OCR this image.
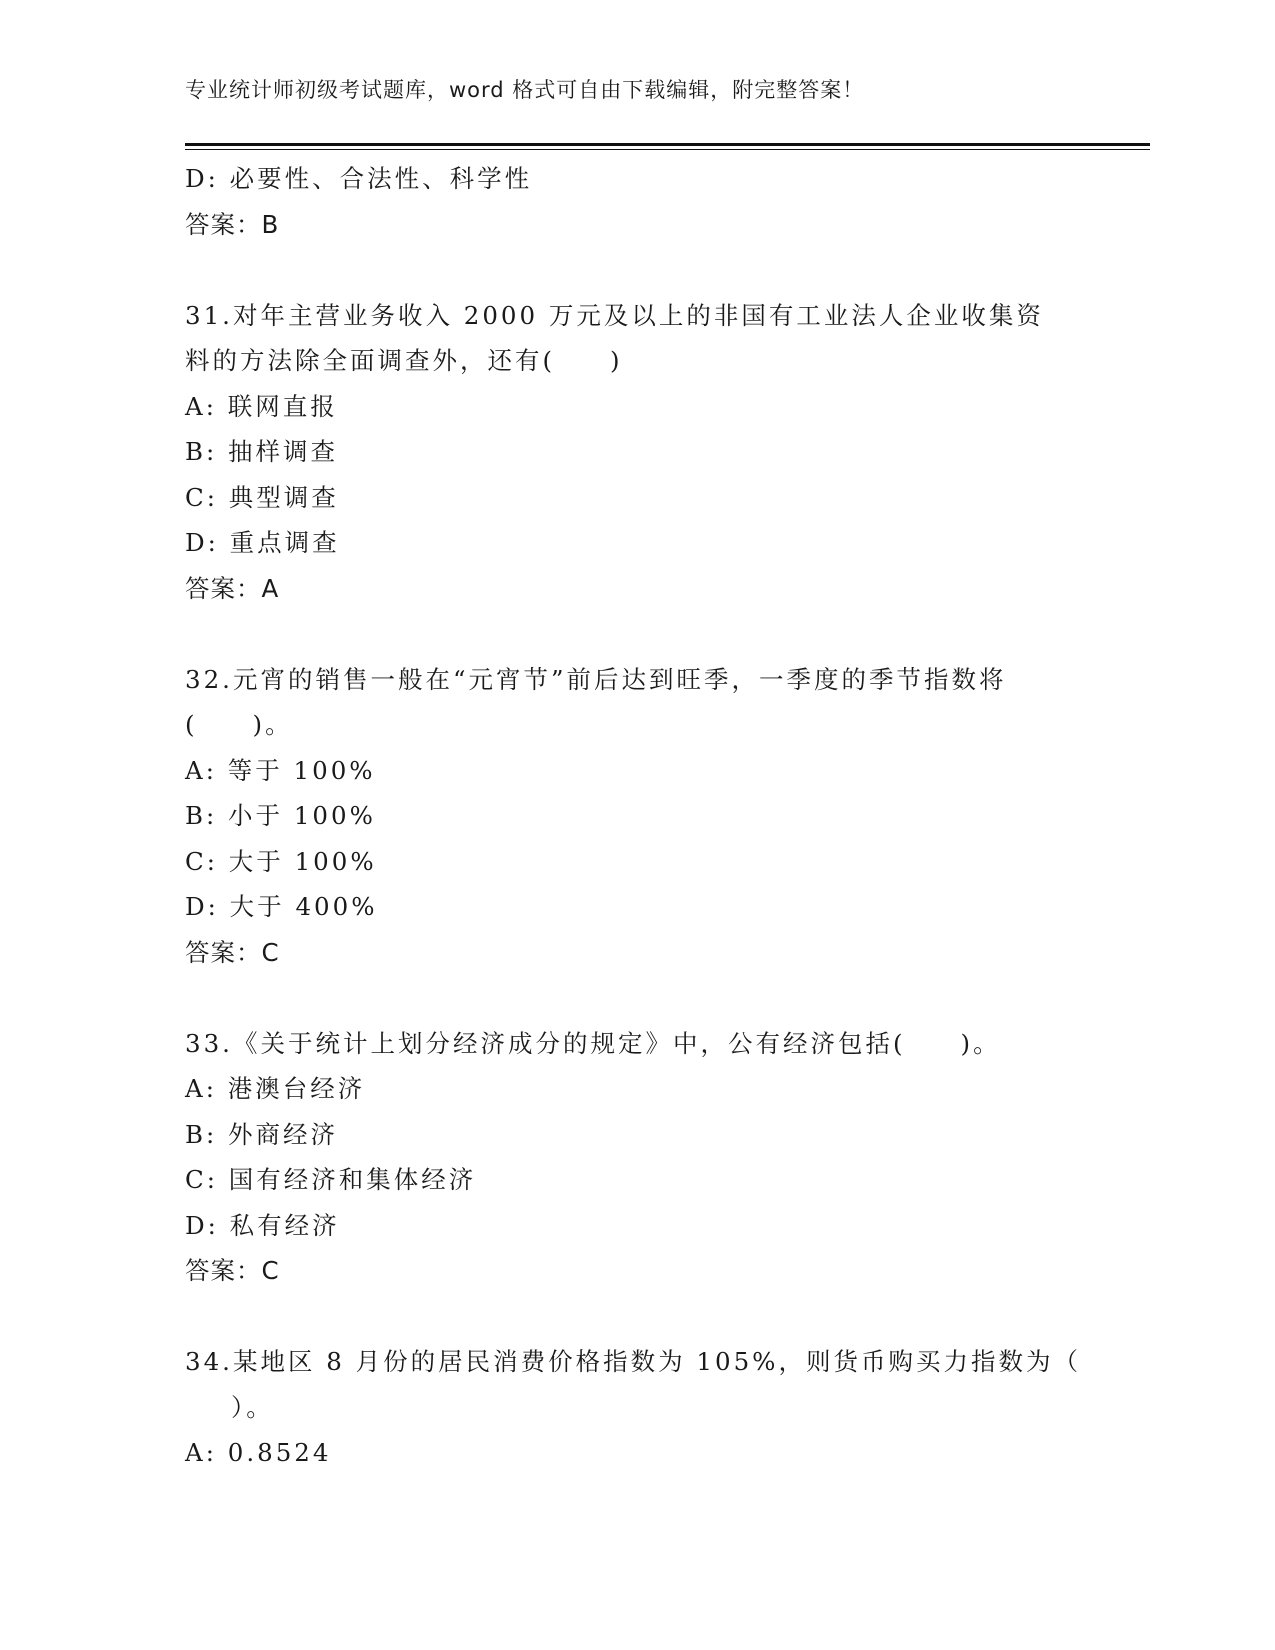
专业统计师初级考试题库，word 格式可自由下载编辑，附完整答案！
D: 必要性、合法性、科学性
答案：B
31.对年主营业务收入 2000 万元及以上的非国有工业法人企业收集资
料的方法除全面调查外，还有(　　)
A: 联网直报
B: 抽样调查
C: 典型调查
D: 重点调查
答案：A
32.元宵的销售一般在“元宵节”前后达到旺季，一季度的季节指数将
(　　)。
A: 等于 100%
B: 小于 100%
C: 大于 100%
D: 大于 400%
答案：C
33.《关于统计上划分经济成分的规定》中，公有经济包括(　　)。
A: 港澳台经济
B: 外商经济
C: 国有经济和集体经济
D: 私有经济
答案：C
34.某地区 8 月份的居民消费价格指数为 105%，则货币购买力指数为（
）。
A: 0.8524
